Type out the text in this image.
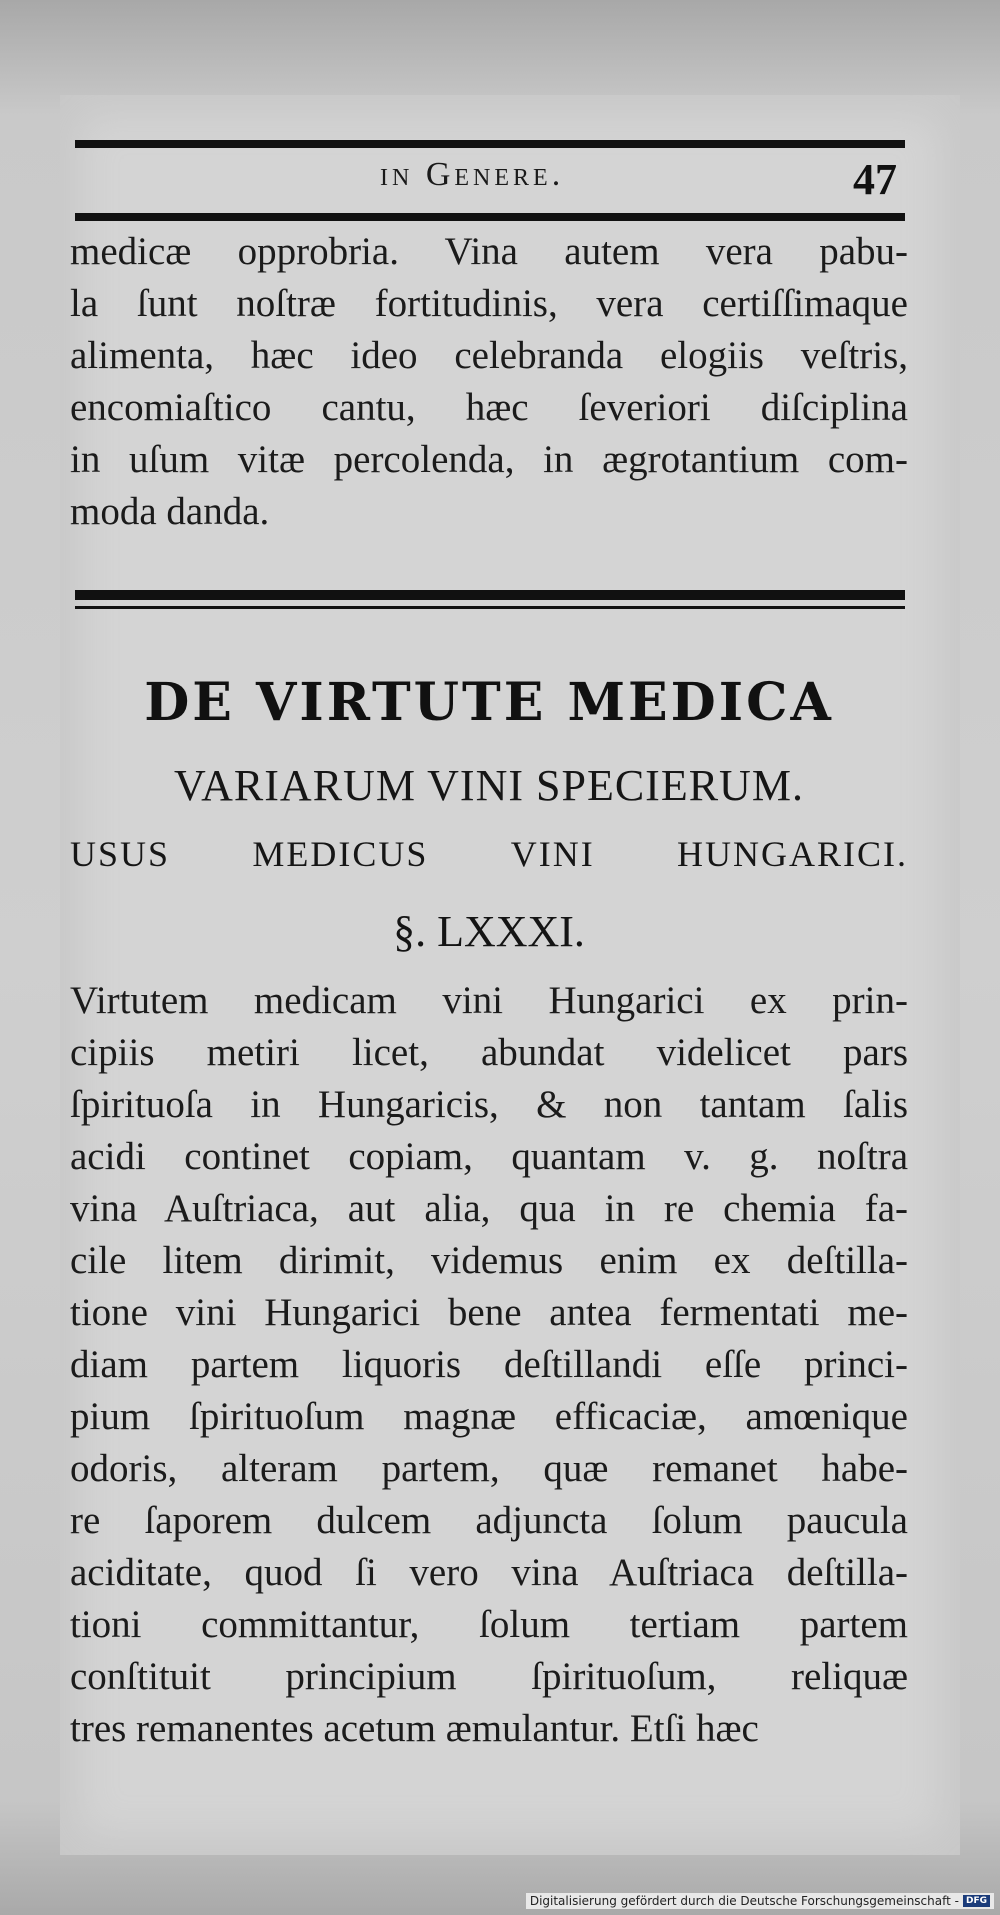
in Genere.	47
medicæ opprobria. Vina autem vera pabu-
la ſunt noſtræ fortitudinis, vera certiſſimaque
alimenta, hæc ideo celebranda elogiis veſtris,
encomiaſtico cantu, hæc ſeveriori diſciplina
in uſum vitæ percolenda, in ægrotantium com-
moda danda.
DE VIRTUTE MEDICA
VARIARUM VINI SPECIERUM.
USUS MEDICUS VINI HUNGARICI.
§. LXXXI.
Virtutem medicam vini Hungarici ex prin-
cipiis metiri licet, abundat videlicet pars
ſpirituoſa in Hungaricis, & non tantam ſalis
acidi continet copiam, quantam v. g. noſtra
vina Auſtriaca, aut alia, qua in re chemia fa-
cile litem dirimit, videmus enim ex deſtilla-
tione vini Hungarici bene antea fermentati me-
diam partem liquoris deſtillandi eſſe princi-
pium ſpirituoſum magnæ efficaciæ, amœnique
odoris, alteram partem, quæ remanet habe-
re ſaporem dulcem adjuncta ſolum paucula
aciditate, quod ſi vero vina Auſtriaca deſtilla-
tioni committantur, ſolum tertiam partem
conſtituit principium ſpirituoſum, reliquæ
tres remanentes acetum æmulantur. Etſi hæc
Digitalisierung gefördert durch die Deutsche Forschungsgemeinschaft - DFG
